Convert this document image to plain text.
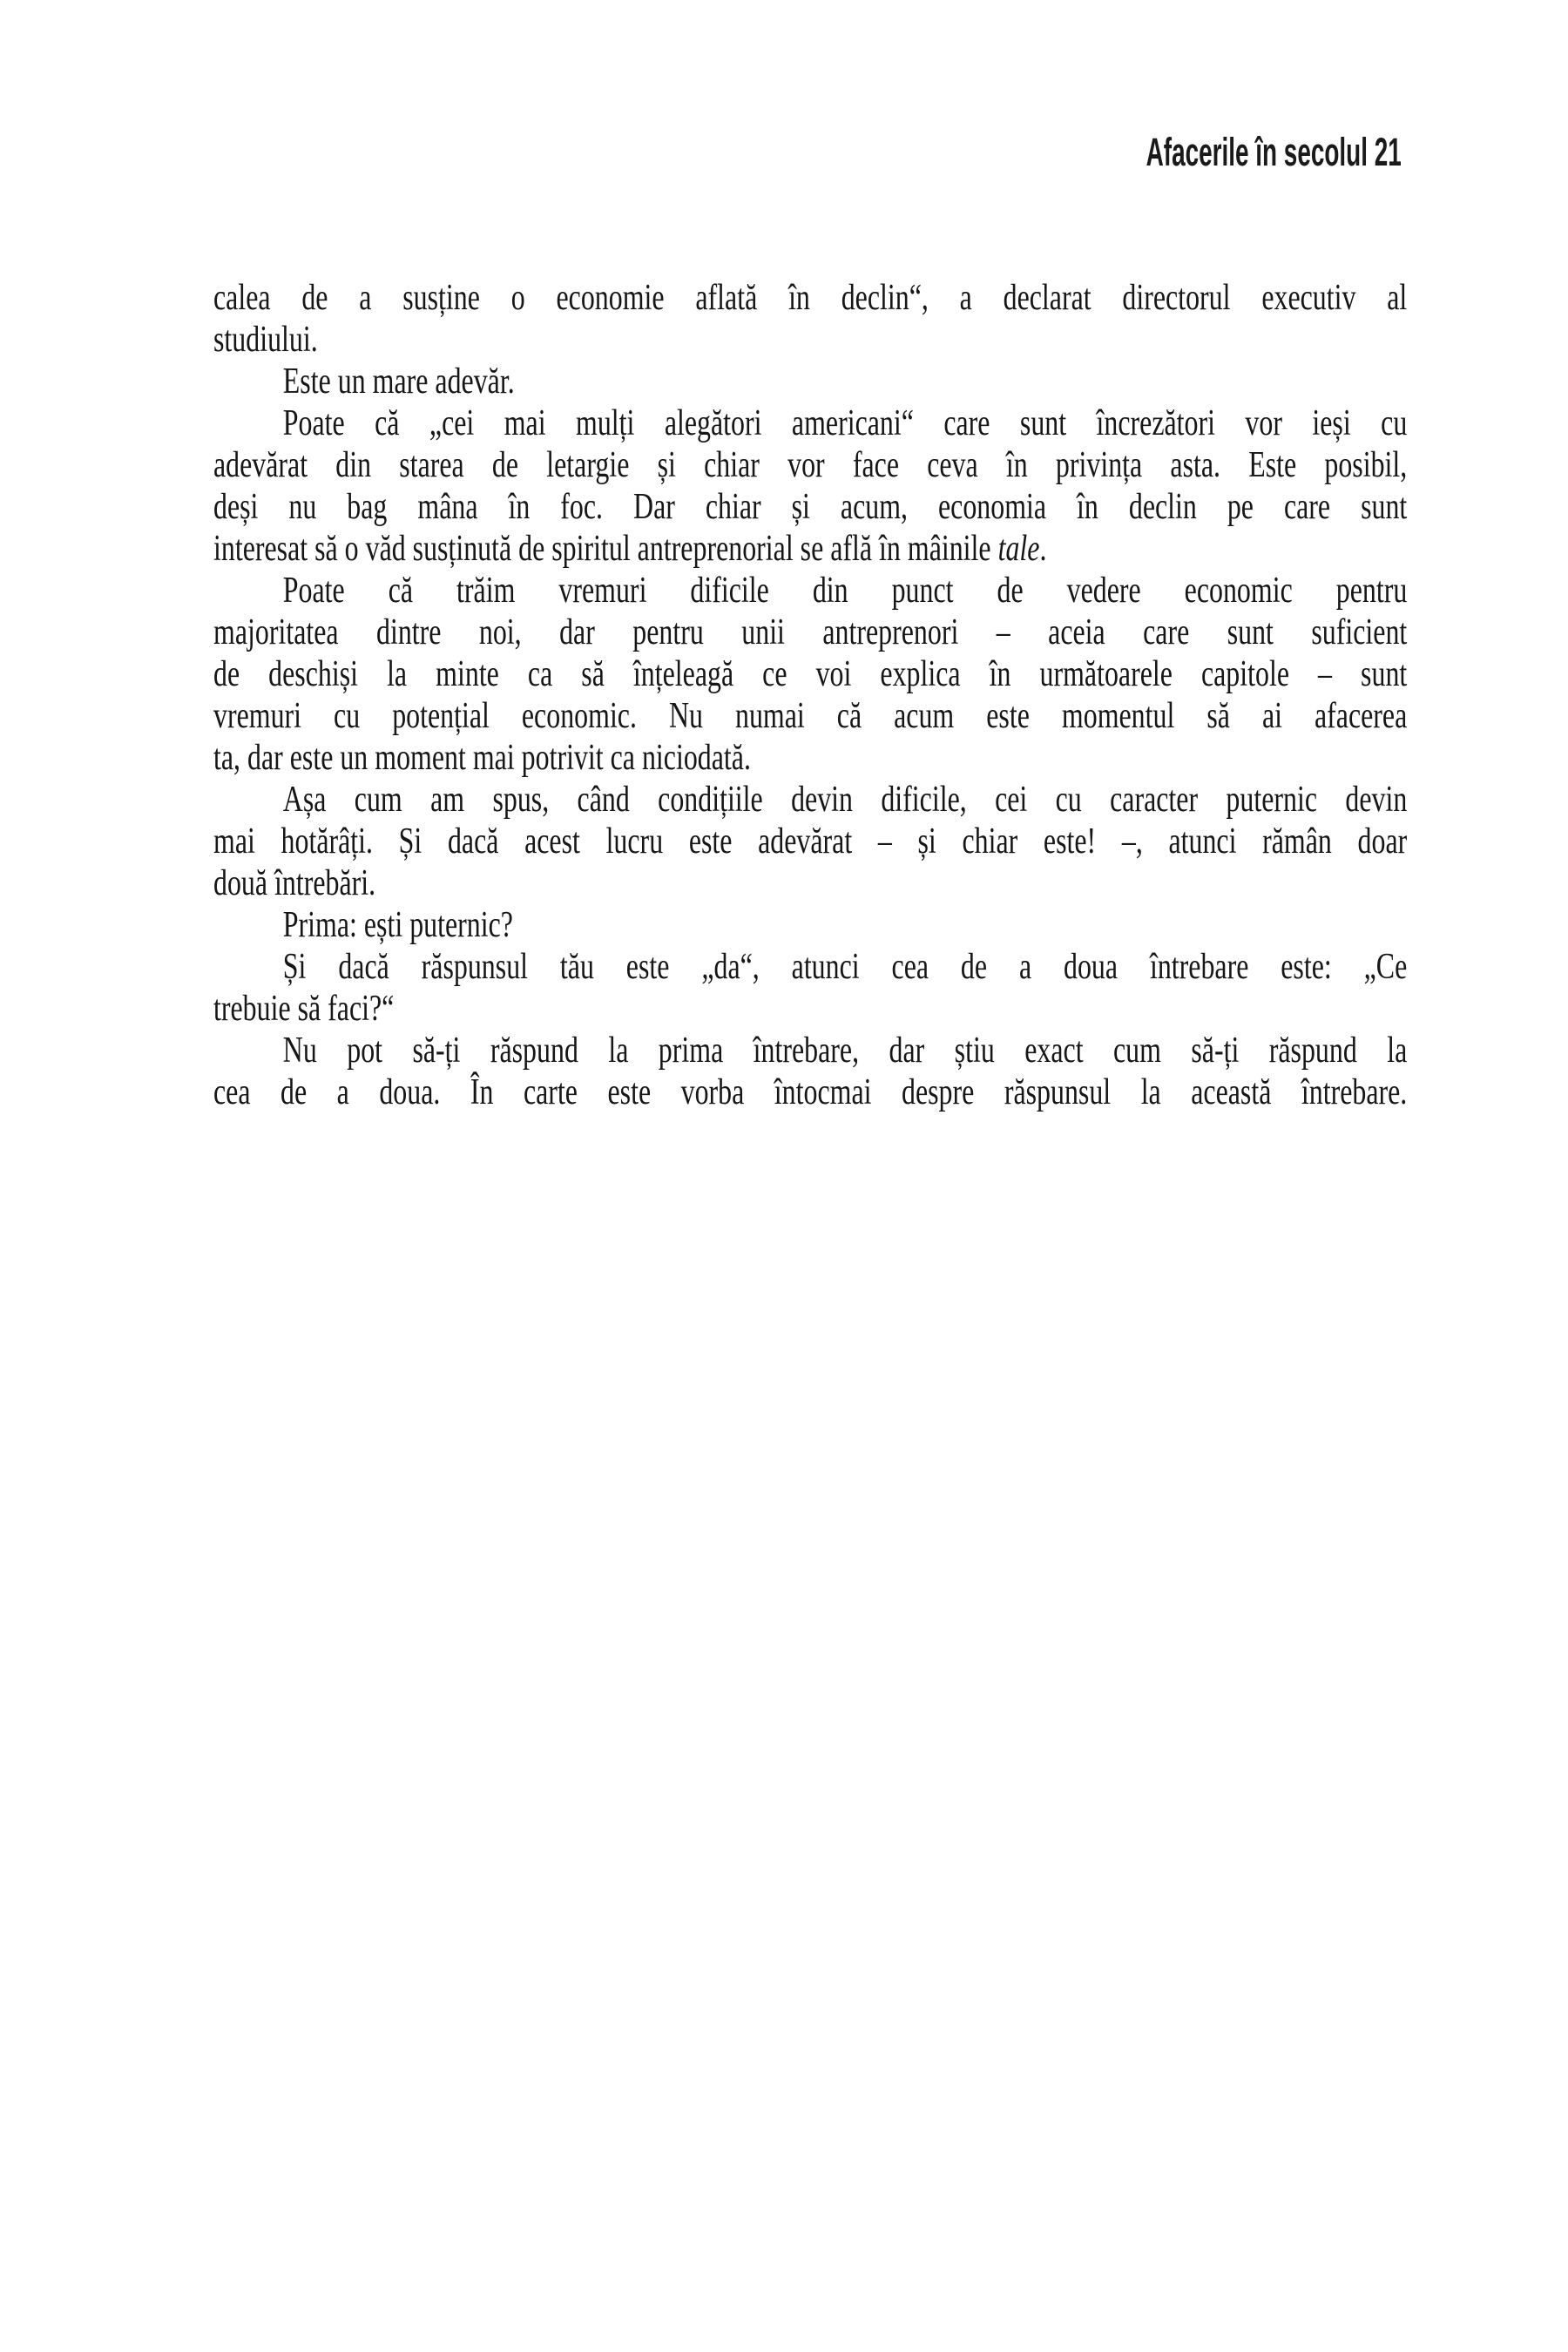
Afacerile în secolul 21
calea de a susține o economie aflată în declin“, a declarat directorul executiv al
studiului.
Este un mare adevăr.
Poate că „cei mai mulți alegători americani“ care sunt încrezători vor ieși cu
adevărat din starea de letargie și chiar vor face ceva în privința asta. Este posibil,
deși nu bag mâna în foc. Dar chiar și acum, economia în declin pe care sunt
interesat să o văd susținută de spiritul antreprenorial se află în mâinile tale.
Poate că trăim vremuri dificile din punct de vedere economic pentru
majoritatea dintre noi, dar pentru unii antreprenori – aceia care sunt suficient
de deschiși la minte ca să înțeleagă ce voi explica în următoarele capitole – sunt
vremuri cu potențial economic. Nu numai că acum este momentul să ai afacerea
ta, dar este un moment mai potrivit ca niciodată.
Așa cum am spus, când condițiile devin dificile, cei cu caracter puternic devin
mai hotărâți. Și dacă acest lucru este adevărat – și chiar este! –, atunci rămân doar
două întrebări.
Prima: ești puternic?
Și dacă răspunsul tău este „da“, atunci cea de a doua întrebare este: „Ce
trebuie să faci?“
Nu pot să-ți răspund la prima întrebare, dar știu exact cum să-ți răspund la
cea de a doua. În carte este vorba întocmai despre răspunsul la această întrebare.
